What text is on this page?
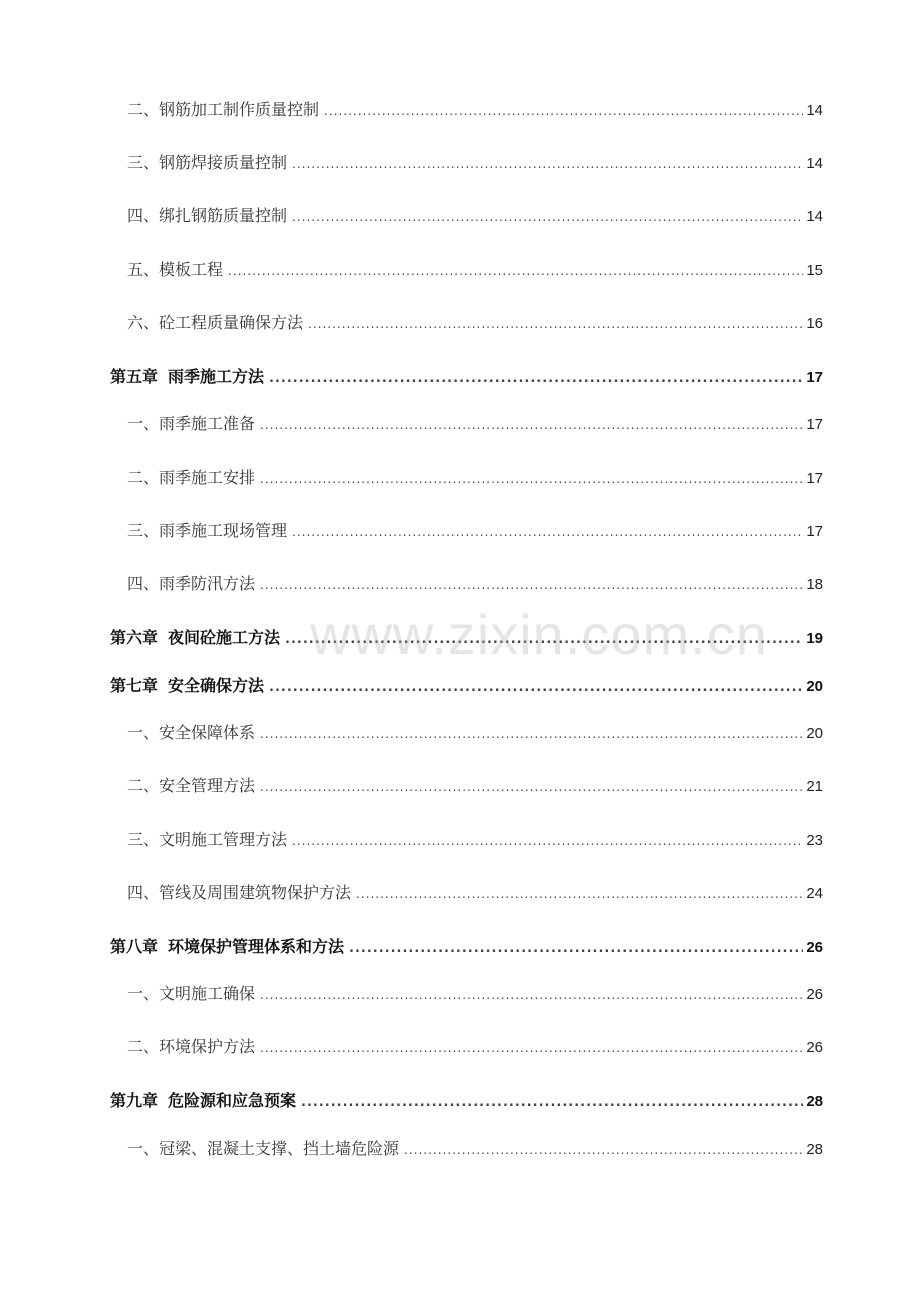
二、 钢筋加工制作质量控制 .....	14
三、 钢筋焊接质量控制 .....	14
四、 绑扎钢筋质量控制 .....	14
五、 模板工程 .....	15
六、 砼工程质量确保方法 .....	16
第五章 雨季施工方法 .....	17
一、 雨季施工准备 .....	17
二、 雨季施工安排 .....	17
三、 雨季施工现场管理 .....	17
四、 雨季防汛方法 .....	18
第六章 夜间砼施工方法 .....	19
第七章 安全确保方法 .....	20
一、 安全保障体系 .....	20
二、 安全管理方法 .....	21
三、 文明施工管理方法 .....	23
四、 管线及周围建筑物保护方法 .....	24
第八章 环境保护管理体系和方法 .....	26
一、 文明施工确保 .....	26
二、 环境保护方法 .....	26
第九章 危险源和应急预案 .....	28
一、 冠梁、混凝土支撑、挡土墙危险源 .....	28
www.zixin.com.cn
